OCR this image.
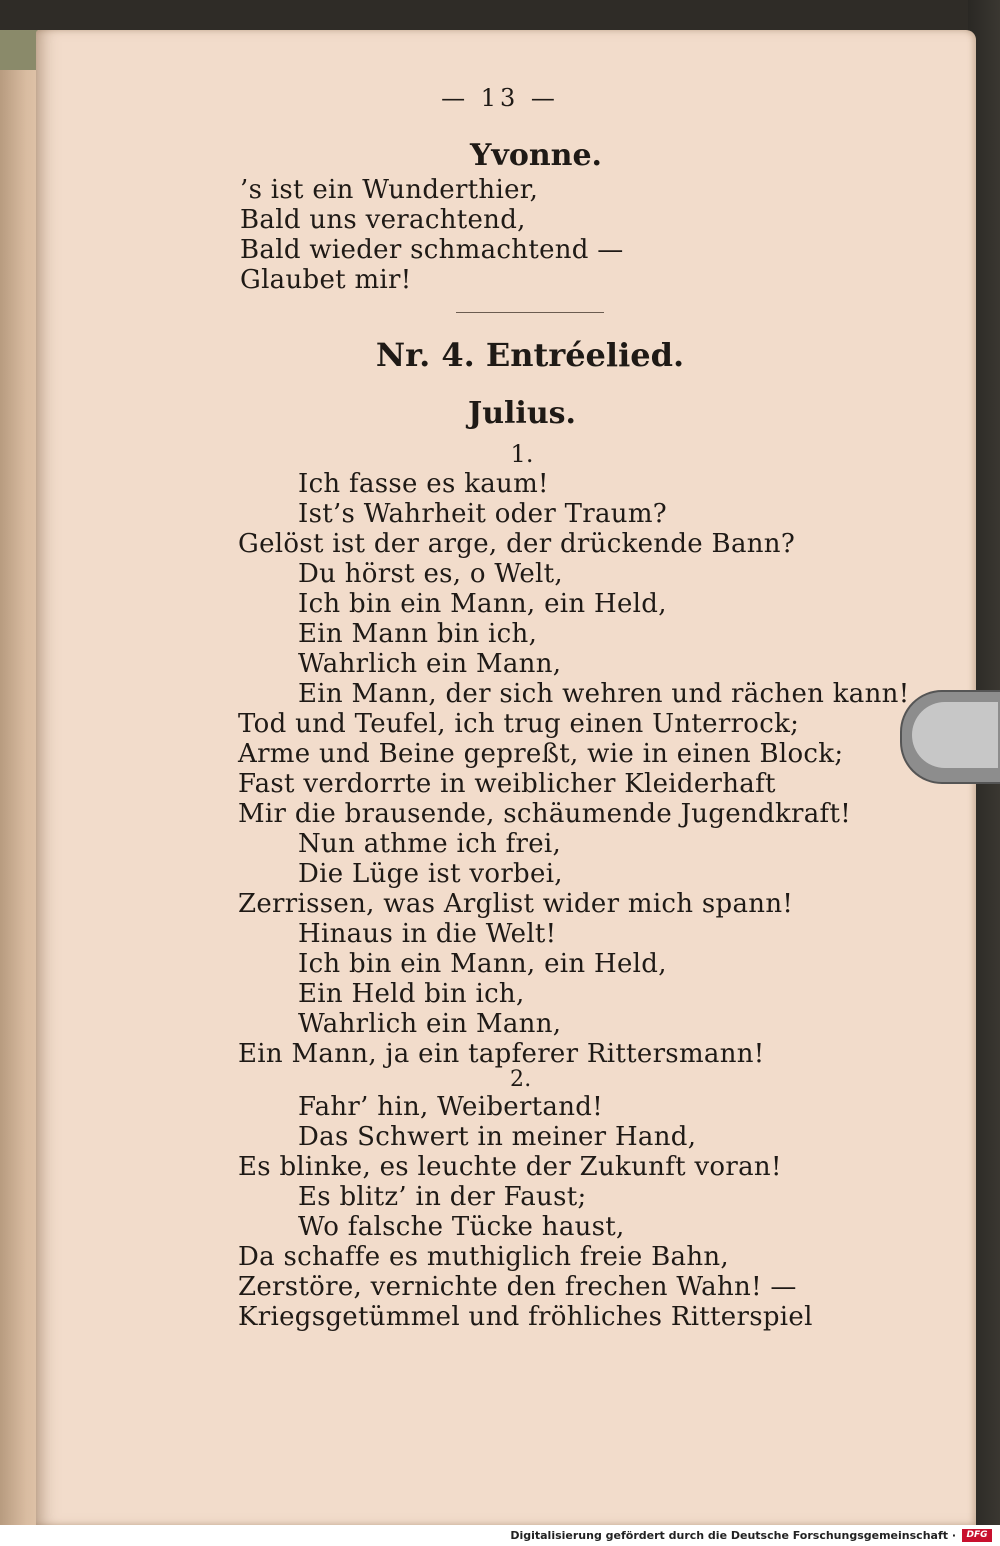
— 13 —
Yvonne.
’s ist ein Wunderthier,
Bald uns verachtend,
Bald wieder schmachtend —
Glaubet mir!
Nr. 4. Entréelied.
Julius.
1.
Ich fasse es kaum!
Ist’s Wahrheit oder Traum?
Gelöst ist der arge, der drückende Bann?
Du hörst es, o Welt,
Ich bin ein Mann, ein Held,
Ein Mann bin ich,
Wahrlich ein Mann,
Ein Mann, der sich wehren und rächen kann!
Tod und Teufel, ich trug einen Unterrock;
Arme und Beine gepreßt, wie in einen Block;
Fast verdorrte in weiblicher Kleiderhaft
Mir die brausende, schäumende Jugendkraft!
Nun athme ich frei,
Die Lüge ist vorbei,
Zerrissen, was Arglist wider mich spann!
Hinaus in die Welt!
Ich bin ein Mann, ein Held,
Ein Held bin ich,
Wahrlich ein Mann,
Ein Mann, ja ein tapferer Rittersmann!
2.
Fahr’ hin, Weibertand!
Das Schwert in meiner Hand,
Es blinke, es leuchte der Zukunft voran!
Es blitz’ in der Faust;
Wo falsche Tücke haust,
Da schaffe es muthiglich freie Bahn,
Zerstöre, vernichte den frechen Wahn! —
Kriegsgetümmel und fröhliches Ritterspiel
Digitalisierung gefördert durch die Deutsche Forschungsgemeinschaft ·	DFG
